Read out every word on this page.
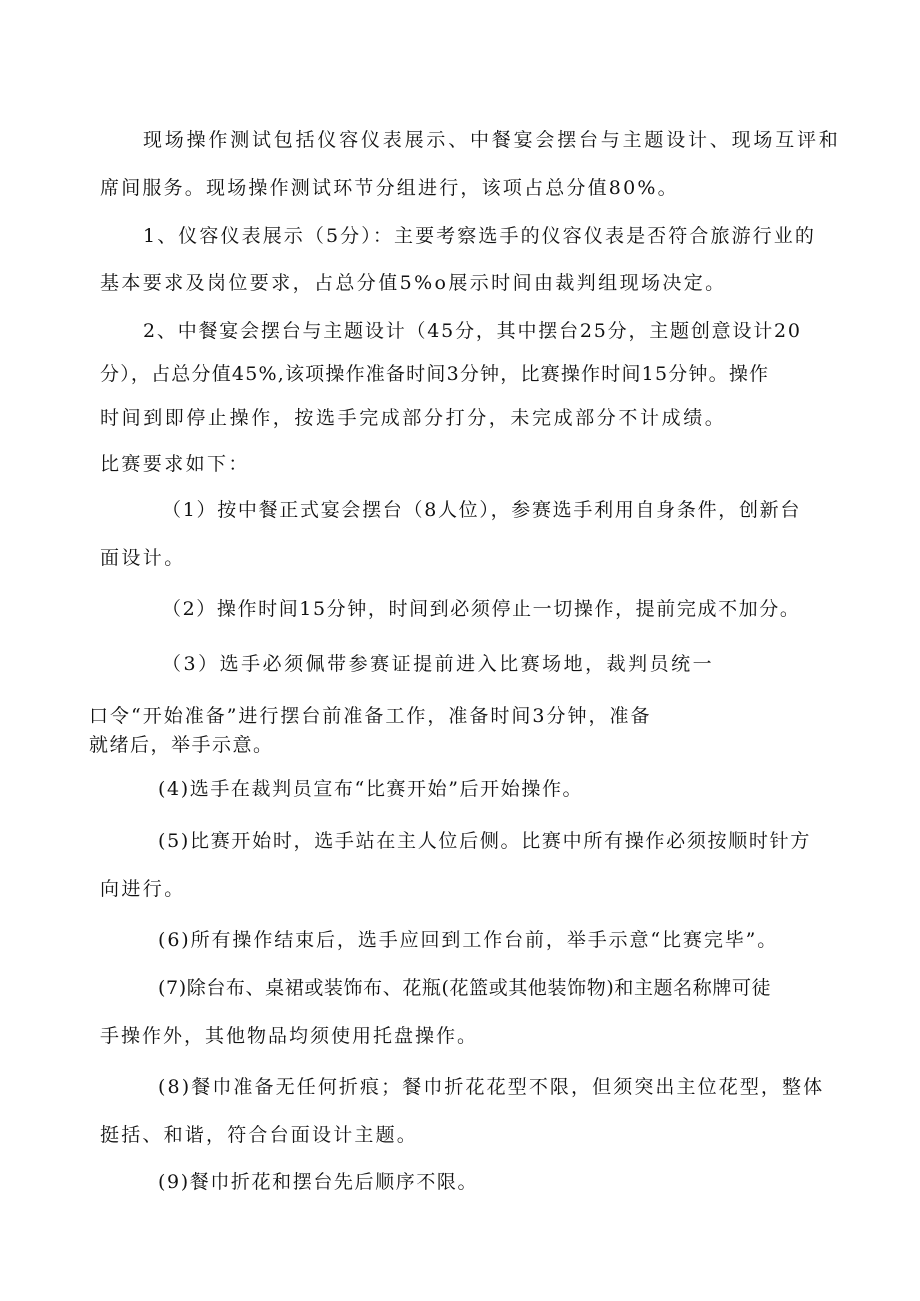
现场操作测试包括仪容仪表展示、中餐宴会摆台与主题设计、现场互评和
席间服务。现场操作测试环节分组进行，该项占总分值80%。
1、仪容仪表展示（5分）：主要考察选手的仪容仪表是否符合旅游行业的
基本要求及岗位要求，占总分值5%o展示时间由裁判组现场决定。
2、中餐宴会摆台与主题设计（45分，其中摆台25分，主题创意设计20
分），占总分值45%,该项操作准备时间3分钟，比赛操作时间15分钟。操作
时间到即停止操作，按选手完成部分打分，未完成部分不计成绩。
比赛要求如下：
（1）按中餐正式宴会摆台（8人位），参赛选手利用自身条件，创新台
面设计。
（2）操作时间15分钟，时间到必须停止一切操作，提前完成不加分。
（3）选手必须佩带参赛证提前进入比赛场地，裁判员统一
口令“开始准备”进行摆台前准备工作，准备时间3分钟，准备
就绪后，举手示意。
(4)选手在裁判员宣布“比赛开始”后开始操作。
(5)比赛开始时，选手站在主人位后侧。比赛中所有操作必须按顺时针方
向进行。
(6)所有操作结束后，选手应回到工作台前，举手示意“比赛完毕”。
(7)除台布、桌裙或装饰布、花瓶(花篮或其他装饰物)和主题名称牌可徒
手操作外，其他物品均须使用托盘操作。
(8)餐巾准备无任何折痕；餐巾折花花型不限，但须突出主位花型，整体
挺括、和谐，符合台面设计主题。
(9)餐巾折花和摆台先后顺序不限。
